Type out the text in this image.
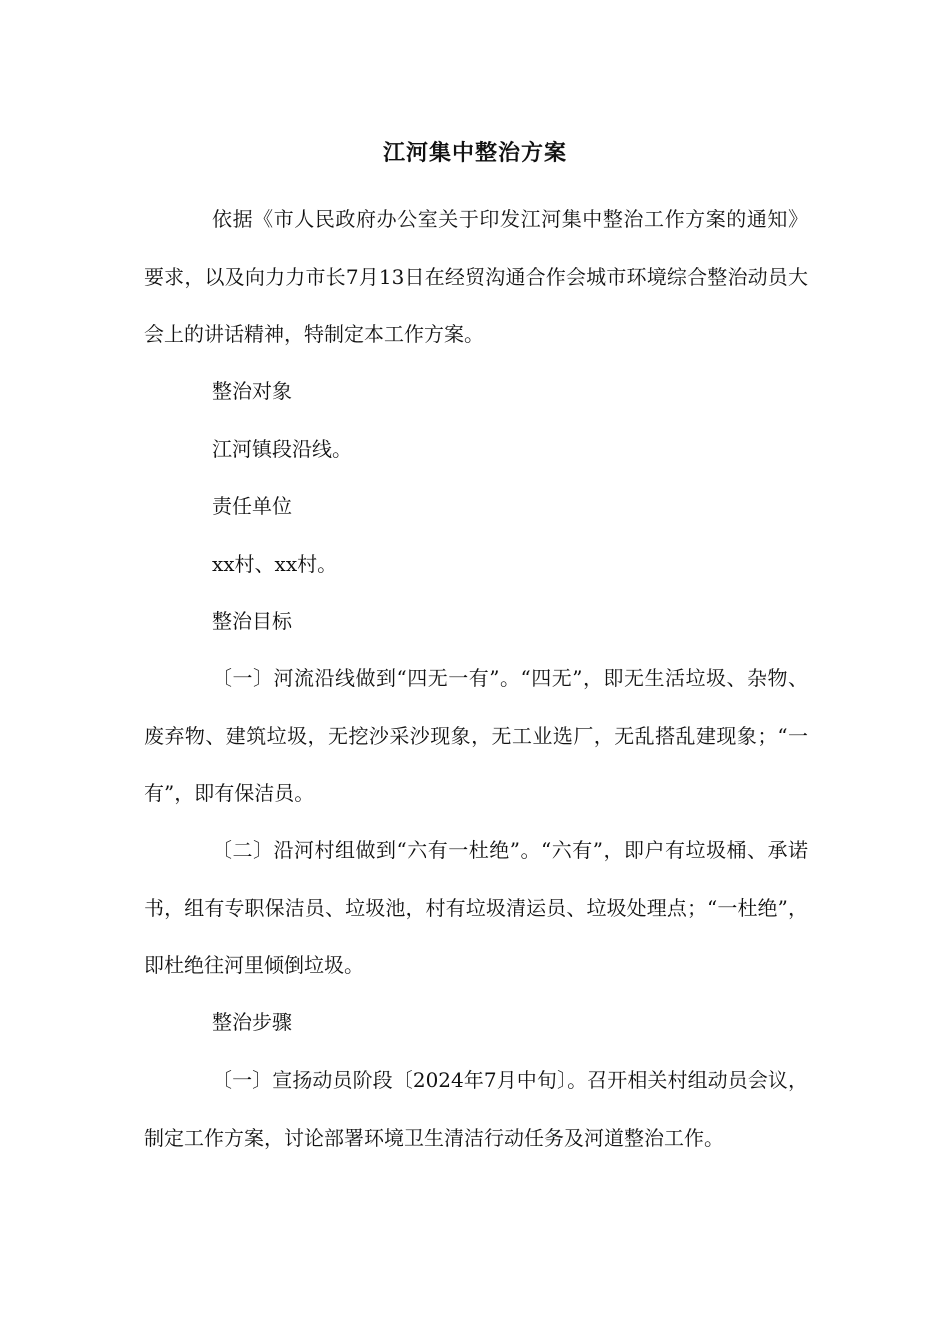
江河集中整治方案

依据《市人民政府办公室关于印发江河集中整治工作方案的通知》要求，以及向力力市长7月13日在经贸沟通合作会城市环境综合整治动员大会上的讲话精神，特制定本工作方案。

整治对象

江河镇段沿线。

责任单位

xx村、xx村。

整治目标

〔一〕河流沿线做到“四无一有”。“四无”，即无生活垃圾、杂物、废弃物、建筑垃圾，无挖沙采沙现象，无工业选厂，无乱搭乱建现象；“一有”，即有保洁员。

〔二〕沿河村组做到“六有一杜绝”。“六有”，即户有垃圾桶、承诺书，组有专职保洁员、垃圾池，村有垃圾清运员、垃圾处理点；“一杜绝”，即杜绝往河里倾倒垃圾。

整治步骤

〔一〕宣扬动员阶段〔2024年7月中旬〕。召开相关村组动员会议，制定工作方案，讨论部署环境卫生清洁行动任务及河道整治工作。
